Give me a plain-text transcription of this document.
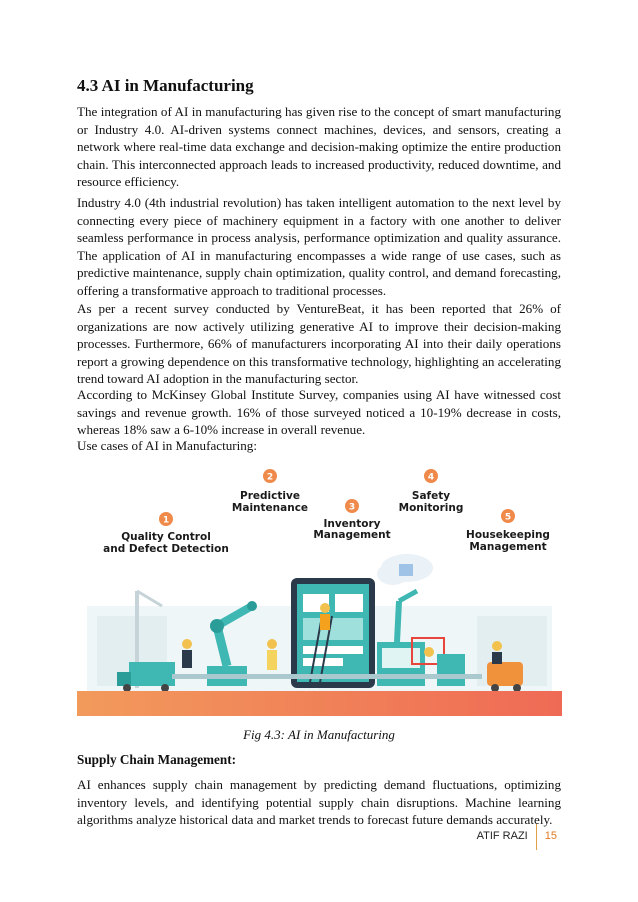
4.3 AI in Manufacturing

The integration of AI in manufacturing has given rise to the concept of smart manufacturing or Industry 4.0. AI-driven systems connect machines, devices, and sensors, creating a network where real-time data exchange and decision-making optimize the entire production chain. This interconnected approach leads to increased productivity, reduced downtime, and resource efficiency.

Industry 4.0 (4th industrial revolution) has taken intelligent automation to the next level by connecting every piece of machinery equipment in a factory with one another to deliver seamless performance in process analysis, performance optimization and quality assurance. The application of AI in manufacturing encompasses a wide range of use cases, such as predictive maintenance, supply chain optimization, quality control, and demand forecasting, offering a transformative approach to traditional processes.

As per a recent survey conducted by VentureBeat, it has been reported that 26% of organizations are now actively utilizing generative AI to improve their decision-making processes. Furthermore, 66% of manufacturers incorporating AI into their daily operations report a growing dependence on this transformative technology, highlighting an accelerating trend toward AI adoption in the manufacturing sector.

According to McKinsey Global Institute Survey, companies using AI have witnessed cost savings and revenue growth. 16% of those surveyed noticed a 10-19% decrease in costs, whereas 18% saw a 6-10% increase in overall revenue.

Use cases of AI in Manufacturing:

1
2
3
4
5
Quality Control
and Defect Detection
Predictive
Maintenance
Inventory
Management
Safety
Monitoring
Housekeeping
Management
Fig 4.3: AI in Manufacturing
Supply Chain Management:

AI enhances supply chain management by predicting demand fluctuations, optimizing inventory levels, and identifying potential supply chain disruptions. Machine learning algorithms analyze historical data and market trends to forecast future demands accurately.

ATIF RAZI	15
